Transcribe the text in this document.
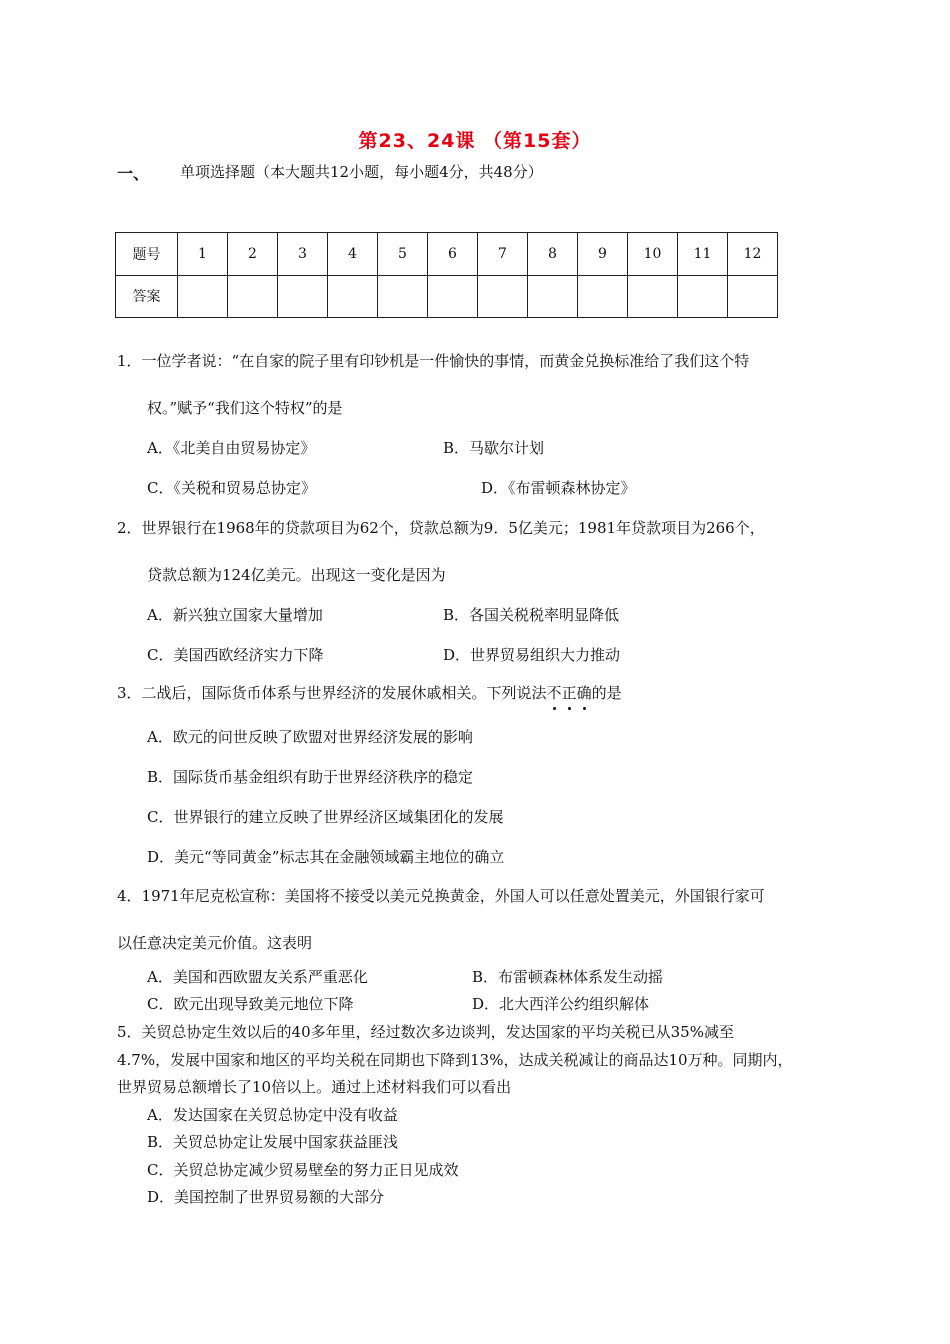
第23、24课 （第15套）
一、 单项选择题（本大题共12小题，每小题4分，共48分）
题号	1	2	3	4	5	6	7	8	9	10	11	12
答案												
1．一位学者说：“在自家的院子里有印钞机是一件愉快的事情，而黄金兑换标准给了我们这个特
权。”赋予“我们这个特权”的是
A．《北美自由贸易协定》	B．马歇尔计划
C．《关税和贸易总协定》	D．《布雷顿森林协定》
2．世界银行在1968年的贷款项目为62个，贷款总额为9．5亿美元；1981年贷款项目为266个，
贷款总额为124亿美元。出现这一变化是因为
A．新兴独立国家大量增加	B．各国关税税率明显降低
C．美国西欧经济实力下降	D．世界贸易组织大力推动
3．二战后，国际货币体系与世界经济的发展休戚相关。下列说法不正确的是
A．欧元的问世反映了欧盟对世界经济发展的影响
B．国际货币基金组织有助于世界经济秩序的稳定
C．世界银行的建立反映了世界经济区域集团化的发展
D．美元“等同黄金”标志其在金融领域霸主地位的确立
4．1971年尼克松宣称：美国将不接受以美元兑换黄金，外国人可以任意处置美元，外国银行家可
以任意决定美元价值。这表明
A．美国和西欧盟友关系严重恶化	B．布雷顿森林体系发生动摇
C．欧元出现导致美元地位下降	D．北大西洋公约组织解体
5．关贸总协定生效以后的40多年里，经过数次多边谈判，发达国家的平均关税已从35%减至
4.7%，发展中国家和地区的平均关税在同期也下降到13%，达成关税减让的商品达10万种。同期内，
世界贸易总额增长了10倍以上。通过上述材料我们可以看出
A．发达国家在关贸总协定中没有收益
B．关贸总协定让发展中国家获益匪浅
C．关贸总协定减少贸易壁垒的努力正日见成效
D．美国控制了世界贸易额的大部分
